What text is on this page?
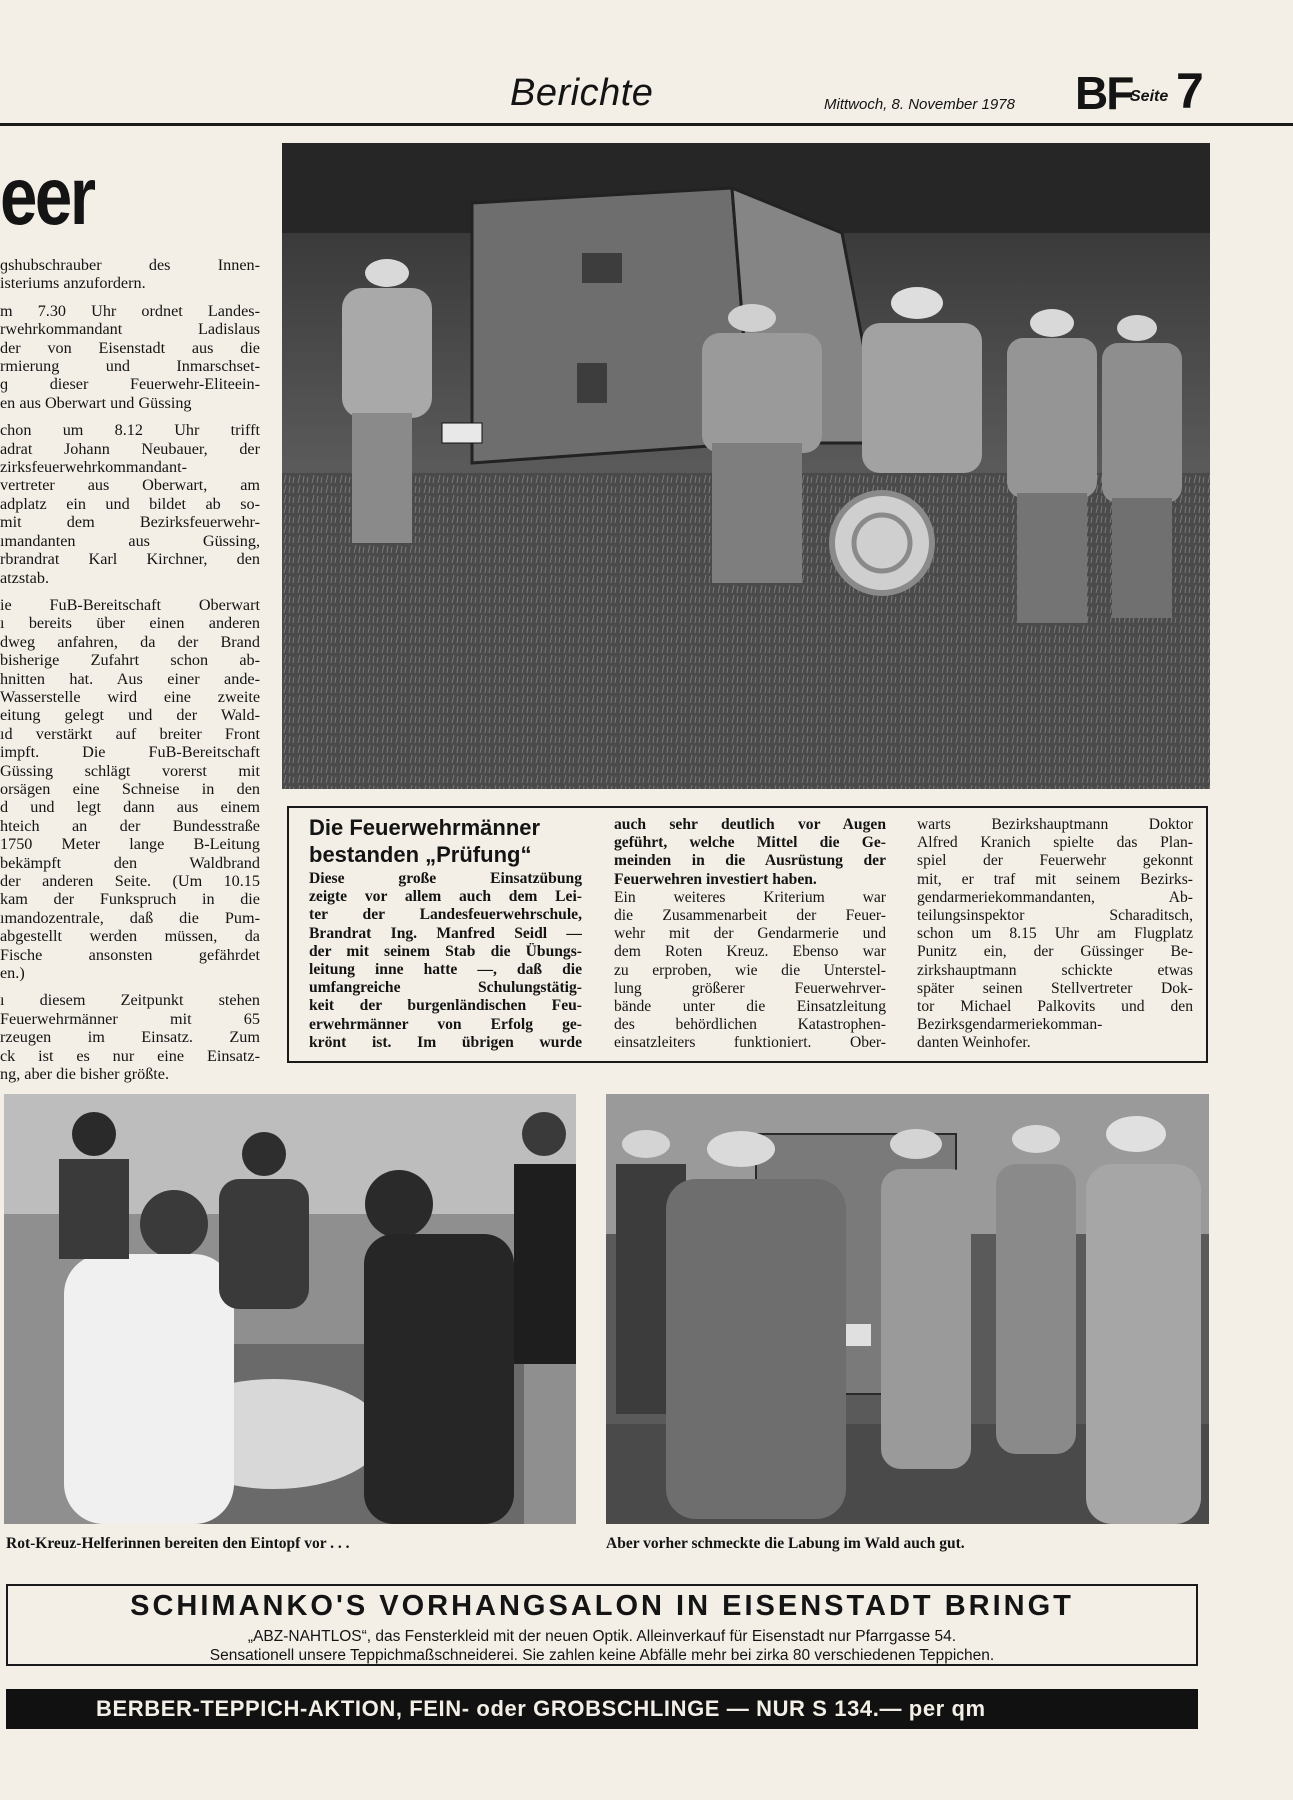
Berichte	Mittwoch, 8. November 1978 BF
Seite 7
eer

ɡshubschrauber des Innen-
isteriums anzufordern.

m 7.30 Uhr ordnet Landes-
rwehrkommandant Ladislaus
der von Eisenstadt aus die
rmierung und Inmarschset-
ɡ dieser Feuerwehr-Eliteein-
en aus Oberwart und Güssing

chon um 8.12 Uhr trifft
adrat Johann Neubauer, der
zirksfeuerwehrkommandant-
vertreter aus Oberwart, am
adplatz ein und bildet ab so-
mit dem Bezirksfeuerwehr-
ımandanten aus Güssing,
rbrandrat Karl Kirchner, den
atzstab.

ie FuB-Bereitschaft Oberwart
ı bereits über einen anderen
dweg anfahren, da der Brand
bisherige Zufahrt schon ab-
hnitten hat. Aus einer ande-
Wasserstelle wird eine zweite
eitung gelegt und der Wald-
ıd verstärkt auf breiter Front
impft. Die FuB-Bereitschaft
Güssing schlägt vorerst mit
orsägen eine Schneise in den
d und legt dann aus einem
hteich an der Bundesstraße
1750 Meter lange B-Leitung
bekämpft den Waldbrand
der anderen Seite. (Um 10.15
kam der Funkspruch in die
ımandozentrale, daß die Pum-
abgestellt werden müssen, da
Fische ansonsten gefährdet
en.)

ı diesem Zeitpunkt stehen
Feuerwehrmänner mit 65
rzeugen im Einsatz. Zum
ck ist es nur eine Einsatz-
ng, aber die bisher größte.

Die Feuerwehrmänner
bestanden „Prüfung“
Diese große Einsatzübung
zeigte vor allem auch dem Lei-
ter der Landesfeuerwehrschule,
Brandrat Ing. Manfred Seidl —
der mit seinem Stab die Übungs-
leitung inne hatte —, daß die
umfangreiche Schulungstätig-
keit der burgenländischen Feu-
erwehrmänner von Erfolg ge-
krönt ist. Im übrigen wurde
auch sehr deutlich vor Augen
geführt, welche Mittel die Ge-
meinden in die Ausrüstung der
Feuerwehren investiert haben.
Ein weiteres Kriterium war
die Zusammenarbeit der Feuer-
wehr mit der Gendarmerie und
dem Roten Kreuz. Ebenso war
zu erproben, wie die Unterstel-
lung größerer Feuerwehrver-
bände unter die Einsatzleitung
des behördlichen Katastrophen-
einsatzleiters funktioniert. Ober-
warts Bezirkshauptmann Doktor
Alfred Kranich spielte das Plan-
spiel der Feuerwehr gekonnt
mit, er traf mit seinem Bezirks-
gendarmeriekommandanten, Ab-
teilungsinspektor Scharaditsch,
schon um 8.15 Uhr am Flugplatz
Punitz ein, der Güssinger Be-
zirkshauptmann schickte etwas
später seinen Stellvertreter Dok-
tor Michael Palkovits und den
Bezirksgendarmeriekomman-
danten Weinhofer.
Rot-Kreuz-Helferinnen bereiten den Eintopf vor . . .	Aber vorher schmeckte die Labung im Wald auch gut.
SCHIMANKO'S VORHANGSALON IN EISENSTADT BRINGT
„ABZ-NAHTLOS“, das Fensterkleid mit der neuen Optik. Alleinverkauf für Eisenstadt nur Pfarrgasse 54.
Sensationell unsere Teppichmaßschneiderei. Sie zahlen keine Abfälle mehr bei zirka 80 verschiedenen Teppichen.
BERBER-TEPPICH-AKTION, FEIN- oder GROBSCHLINGE — NUR S 134.— per qm
